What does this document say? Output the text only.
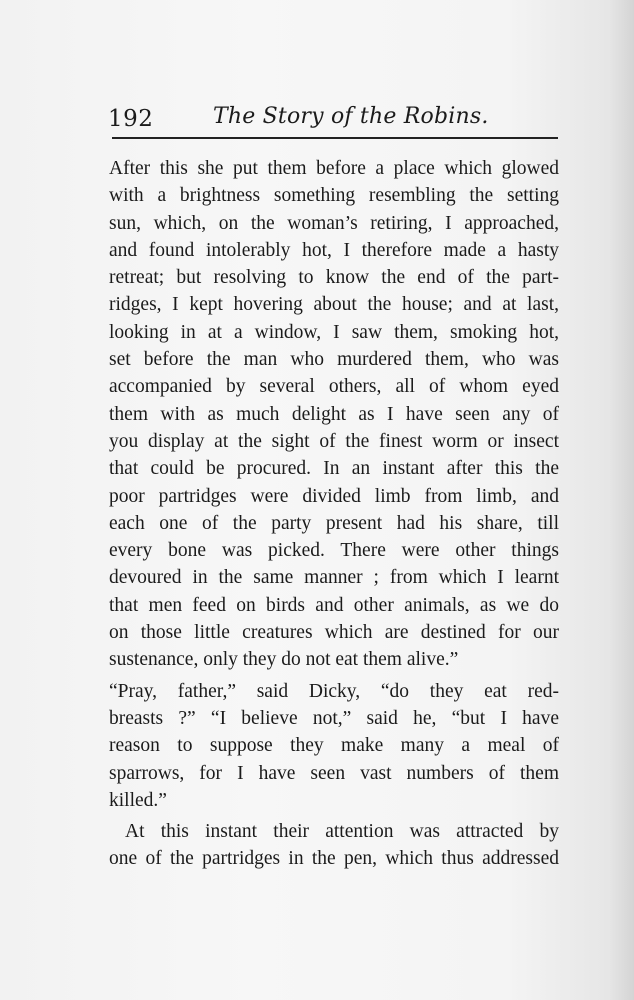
192	The Story of the Robins.
After this she put them before a place which glowed
with a brightness something resembling the setting
sun, which, on the woman’s retiring, I approached,
and found intolerably hot, I therefore made a hasty
retreat; but resolving to know the end of the part-
ridges, I kept hovering about the house; and at last,
looking in at a window, I saw them, smoking hot,
set before the man who murdered them, who was
accompanied by several others, all of whom eyed
them with as much delight as I have seen any of
you display at the sight of the finest worm or insect
that could be procured. In an instant after this the
poor partridges were divided limb from limb, and
each one of the party present had his share, till
every bone was picked. There were other things
devoured in the same manner ; from which I learnt
that men feed on birds and other animals, as we do
on those little creatures which are destined for our
sustenance, only they do not eat them alive.”
“Pray, father,” said Dicky, “do they eat red-
breasts ?” “I believe not,” said he, “but I have
reason to suppose they make many a meal of
sparrows, for I have seen vast numbers of them
killed.”
At this instant their attention was attracted by
one of the partridges in the pen, which thus addressed
